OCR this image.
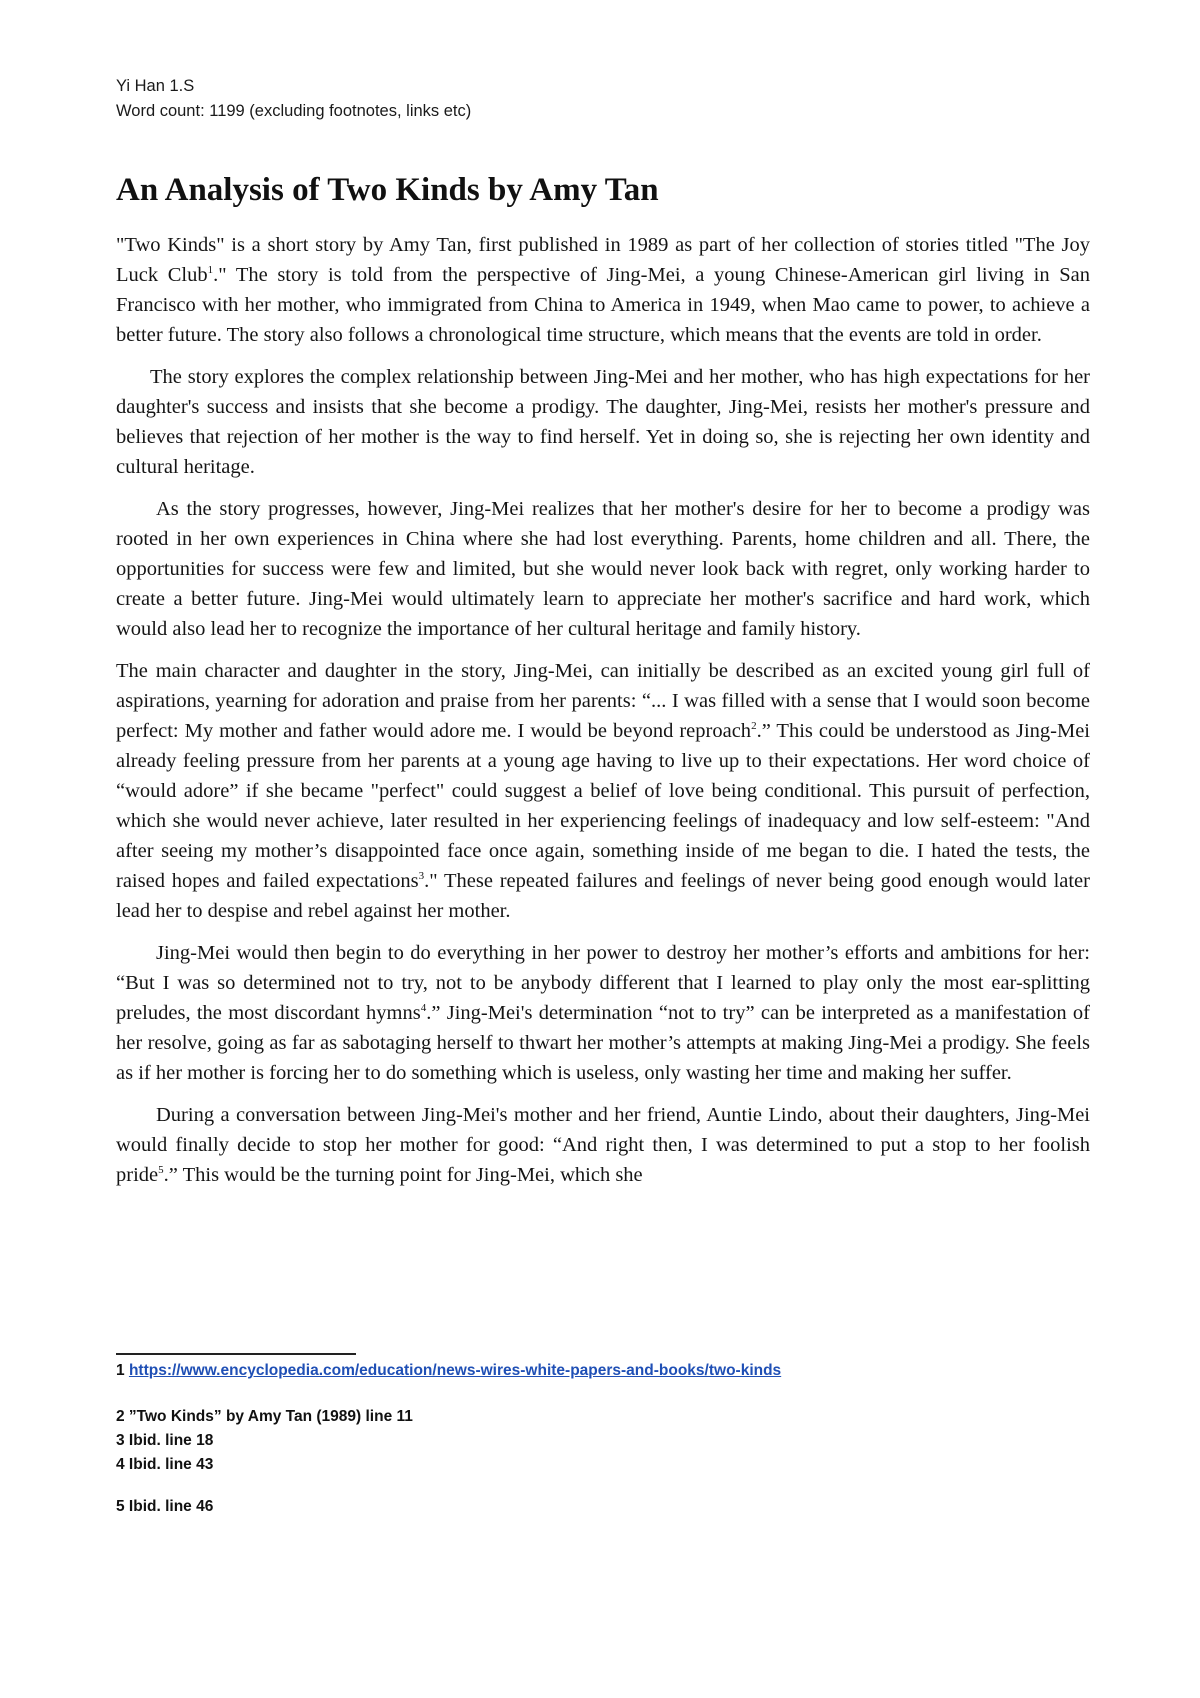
Yi Han 1.S
Word count: 1199 (excluding footnotes, links etc)
An Analysis of Two Kinds by Amy Tan

"Two Kinds" is a short story by Amy Tan, first published in 1989 as part of her collection of stories titled "The Joy Luck Club$^1$." The story is told from the perspective of Jing-Mei, a young Chinese-American girl living in San Francisco with her mother, who immigrated from China to America in 1949, when Mao came to power, to achieve a better future. The story also follows a chronological time structure, which means that the events are told in order.

The story explores the complex relationship between Jing-Mei and her mother, who has high expectations for her daughter's success and insists that she become a prodigy. The daughter, Jing-Mei, resists her mother's pressure and believes that rejection of her mother is the way to find herself. Yet in doing so, she is rejecting her own identity and cultural heritage.

As the story progresses, however, Jing-Mei realizes that her mother's desire for her to become a prodigy was rooted in her own experiences in China where she had lost everything. Parents, home children and all. There, the opportunities for success were few and limited, but she would never look back with regret, only working harder to create a better future. Jing-Mei would ultimately learn to appreciate her mother's sacrifice and hard work, which would also lead her to recognize the importance of her cultural heritage and family history.

The main character and daughter in the story, Jing-Mei, can initially be described as an excited young girl full of aspirations, yearning for adoration and praise from her parents: “... I was filled with a sense that I would soon become perfect: My mother and father would adore me. I would be beyond reproach$^2$.” This could be understood as Jing-Mei already feeling pressure from her parents at a young age having to live up to their expectations. Her word choice of “would adore” if she became "perfect" could suggest a belief of love being conditional. This pursuit of perfection, which she would never achieve, later resulted in her experiencing feelings of inadequacy and low self-esteem: "And after seeing my mother’s disappointed face once again, something inside of me began to die. I hated the tests, the raised hopes and failed expectations$^3$." These repeated failures and feelings of never being good enough would later lead her to despise and rebel against her mother.

Jing-Mei would then begin to do everything in her power to destroy her mother’s efforts and ambitions for her: “But I was so determined not to try, not to be anybody different that I learned to play only the most ear-splitting preludes, the most discordant hymns$^4$.” Jing-Mei's determination “not to try” can be interpreted as a manifestation of her resolve, going as far as sabotaging herself to thwart her mother’s attempts at making Jing-Mei a prodigy. She feels as if her mother is forcing her to do something which is useless, only wasting her time and making her suffer.

During a conversation between Jing-Mei's mother and her friend, Auntie Lindo, about their daughters, Jing-Mei would finally decide to stop her mother for good: “And right then, I was determined to put a stop to her foolish pride$^5$.” This would be the turning point for Jing-Mei, which she

1 https://www.encyclopedia.com/education/news-wires-white-papers-and-books/two-kinds
2 ”Two Kinds” by Amy Tan (1989) line 11
3 Ibid. line 18
4 Ibid. line 43
5 Ibid. line 46
